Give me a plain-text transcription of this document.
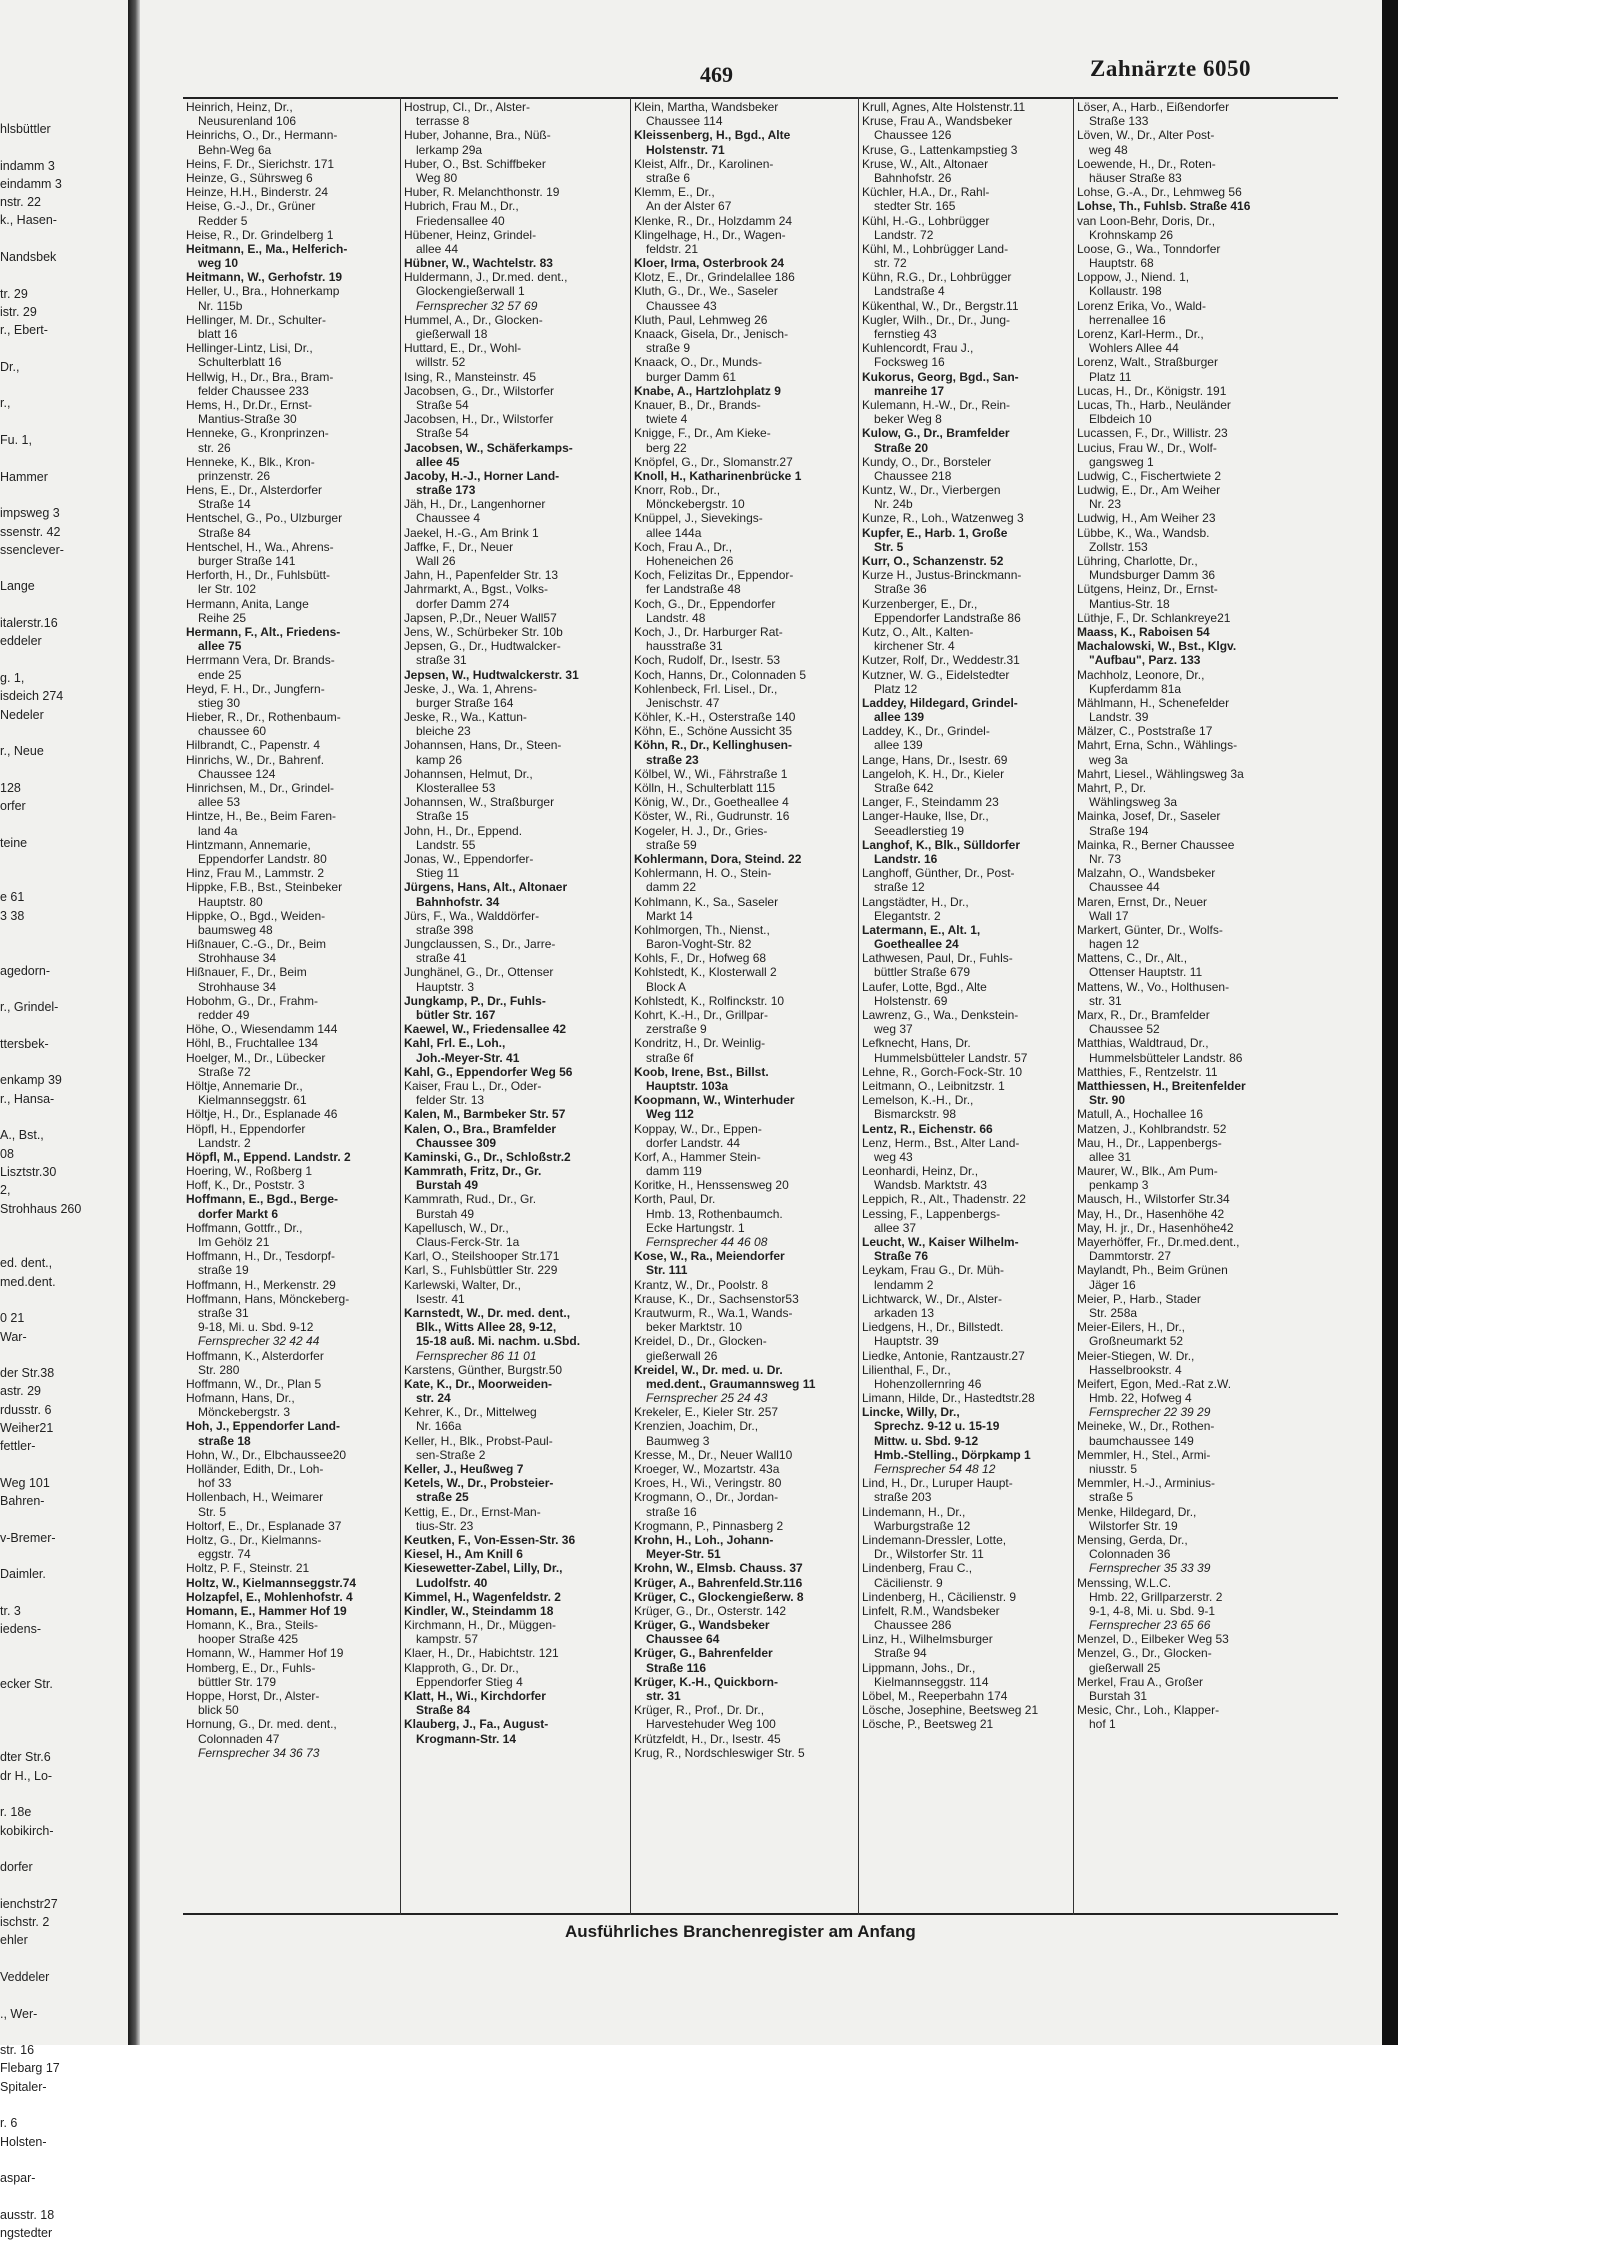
hlsbüttler
indamm 3
eindamm 3
nstr. 22
k., Hasen-
Nandsbek
tr. 29
istr. 29
r., Ebert-
Dr.,
r.,
Fu. 1,
Hammer
impsweg 3
ssenstr. 42
ssenclever-
Lange
italerstr.16
eddeler
g. 1,
isdeich 274
Nedeler
r., Neue
128
orfer
teine
e 61
3 38
agedorn-
r., Grindel-
ttersbek-
enkamp 39
r., Hansa-
A., Bst.,
08
Lisztstr.30
2,
Strohhaus 260
ed. dent.,
med.dent.
0 21
War-
der Str.38
astr. 29
rdusstr. 6
Weiher21
fettler-
Weg 101
Bahren-
v-Bremer-
Daimler.
tr. 3
iedens-
ecker Str.
dter Str.6
dr H., Lo-
r. 18e
kobikirch-
dorfer
ienchstr27
ischstr. 2
ehler
Veddeler
., Wer-
str. 16
Flebarg 17
Spitaler-
r. 6
Holsten-
aspar-
ausstr. 18
ngstedter
469	Zahnärzte 6050
Heinrich, Heinz, Dr.,
Neusurenland 106
Heinrichs, O., Dr., Hermann-
Behn-Weg 6a
Heins, F. Dr., Sierichstr. 171
Heinze, G., Sührsweg 6
Heinze, H.H., Binderstr. 24
Heise, G.-J., Dr., Grüner
Redder 5
Heise, R., Dr. Grindelberg 1
Heitmann, E., Ma., Helferich-
weg 10
Heitmann, W., Gerhofstr. 19
Heller, U., Bra., Hohnerkamp
Nr. 115b
Hellinger, M. Dr., Schulter-
blatt 16
Hellinger-Lintz, Lisi, Dr.,
Schulterblatt 16
Hellwig, H., Dr., Bra., Bram-
felder Chaussee 233
Hems, H., Dr.Dr., Ernst-
Mantius-Straße 30
Henneke, G., Kronprinzen-
str. 26
Henneke, K., Blk., Kron-
prinzenstr. 26
Hens, E., Dr., Alsterdorfer
Straße 14
Hentschel, G., Po., Ulzburger
Straße 84
Hentschel, H., Wa., Ahrens-
burger Straße 141
Herforth, H., Dr., Fuhlsbütt-
ler Str. 102
Hermann, Anita, Lange
Reihe 25
Hermann, F., Alt., Friedens-
allee 75
Herrmann Vera, Dr. Brands-
ende 25
Heyd, F. H., Dr., Jungfern-
stieg 30
Hieber, R., Dr., Rothenbaum-
chaussee 60
Hilbrandt, C., Papenstr. 4
Hinrichs, W., Dr., Bahrenf.
Chaussee 124
Hinrichsen, M., Dr., Grindel-
allee 53
Hintze, H., Be., Beim Faren-
land 4a
Hintzmann, Annemarie,
Eppendorfer Landstr. 80
Hinz, Frau M., Lammstr. 2
Hippke, F.B., Bst., Steinbeker
Hauptstr. 80
Hippke, O., Bgd., Weiden-
baumsweg 48
Hißnauer, C.-G., Dr., Beim
Strohhause 34
Hißnauer, F., Dr., Beim
Strohhause 34
Hobohm, G., Dr., Frahm-
redder 49
Höhe, O., Wiesendamm 144
Höhl, B., Fruchtallee 134
Hoelger, M., Dr., Lübecker
Straße 72
Höltje, Annemarie Dr.,
Kielmannseggstr. 61
Höltje, H., Dr., Esplanade 46
Höpfl, H., Eppendorfer
Landstr. 2
Höpfl, M., Eppend. Landstr. 2
Hoering, W., Roßberg 1
Hoff, K., Dr., Poststr. 3
Hoffmann, E., Bgd., Berge-
dorfer Markt 6
Hoffmann, Gottfr., Dr.,
Im Gehölz 21
Hoffmann, H., Dr., Tesdorpf-
straße 19
Hoffmann, H., Merkenstr. 29
Hoffmann, Hans, Mönckeberg-
straße 31
9-18, Mi. u. Sbd. 9-12
Fernsprecher 32 42 44
Hoffmann, K., Alsterdorfer
Str. 280
Hoffmann, W., Dr., Plan 5
Hofmann, Hans, Dr.,
Mönckebergstr. 3
Hoh, J., Eppendorfer Land-
straße 18
Hohn, W., Dr., Elbchaussee20
Holländer, Edith, Dr., Loh-
hof 33
Hollenbach, H., Weimarer
Str. 5
Holtorf, E., Dr., Esplanade 37
Holtz, G., Dr., Kielmanns-
eggstr. 74
Holtz, P. F., Steinstr. 21
Holtz, W., Kielmannseggstr.74
Holzapfel, E., Mohlenhofstr. 4
Homann, E., Hammer Hof 19
Homann, K., Bra., Steils-
hooper Straße 425
Homann, W., Hammer Hof 19
Homberg, E., Dr., Fuhls-
büttler Str. 179
Hoppe, Horst, Dr., Alster-
blick 50
Hornung, G., Dr. med. dent.,
Colonnaden 47
Fernsprecher 34 36 73
Hostrup, Cl., Dr., Alster-
terrasse 8
Huber, Johanne, Bra., Nüß-
lerkamp 29a
Huber, O., Bst. Schiffbeker
Weg 80
Huber, R. Melanchthonstr. 19
Hubrich, Frau M., Dr.,
Friedensallee 40
Hübener, Heinz, Grindel-
allee 44
Hübner, W., Wachtelstr. 83
Huldermann, J., Dr.med. dent.,
Glockengießerwall 1
Fernsprecher 32 57 69
Hummel, A., Dr., Glocken-
gießerwall 18
Huttard, E., Dr., Wohl-
willstr. 52
Ising, R., Mansteinstr. 45
Jacobsen, G., Dr., Wilstorfer
Straße 54
Jacobsen, H., Dr., Wilstorfer
Straße 54
Jacobsen, W., Schäferkamps-
allee 45
Jacoby, H.-J., Horner Land-
straße 173
Jäh, H., Dr., Langenhorner
Chaussee 4
Jaekel, H.-G., Am Brink 1
Jaffke, F., Dr., Neuer
Wall 26
Jahn, H., Papenfelder Str. 13
Jahrmarkt, A., Bgst., Volks-
dorfer Damm 274
Japsen, P.,Dr., Neuer Wall57
Jens, W., Schürbeker Str. 10b
Jepsen, G., Dr., Hudtwalcker-
straße 31
Jepsen, W., Hudtwalckerstr. 31
Jeske, J., Wa. 1, Ahrens-
burger Straße 164
Jeske, R., Wa., Kattun-
bleiche 23
Johannsen, Hans, Dr., Steen-
kamp 26
Johannsen, Helmut, Dr.,
Klosterallee 53
Johannsen, W., Straßburger
Straße 15
John, H., Dr., Eppend.
Landstr. 55
Jonas, W., Eppendorfer-
Stieg 11
Jürgens, Hans, Alt., Altonaer
Bahnhofstr. 34
Jürs, F., Wa., Walddörfer-
straße 398
Jungclaussen, S., Dr., Jarre-
straße 41
Junghänel, G., Dr., Ottenser
Hauptstr. 3
Jungkamp, P., Dr., Fuhls-
bütler Str. 167
Kaewel, W., Friedensallee 42
Kahl, Frl. E., Loh.,
Joh.-Meyer-Str. 41
Kahl, G., Eppendorfer Weg 56
Kaiser, Frau L., Dr., Oder-
felder Str. 13
Kalen, M., Barmbeker Str. 57
Kalen, O., Bra., Bramfelder
Chaussee 309
Kaminski, G., Dr., Schloßstr.2
Kammrath, Fritz, Dr., Gr.
Burstah 49
Kammrath, Rud., Dr., Gr.
Burstah 49
Kapellusch, W., Dr.,
Claus-Ferck-Str. 1a
Karl, O., Steilshooper Str.171
Karl, S., Fuhlsbüttler Str. 229
Karlewski, Walter, Dr.,
Isestr. 41
Karnstedt, W., Dr. med. dent.,
Blk., Witts Allee 28, 9-12,
15-18 auß. Mi. nachm. u.Sbd.
Fernsprecher 86 11 01
Karstens, Günther, Burgstr.50
Kate, K., Dr., Moorweiden-
str. 24
Kehrer, K., Dr., Mittelweg
Nr. 166a
Keller, H., Blk., Probst-Paul-
sen-Straße 2
Keller, J., Heußweg 7
Ketels, W., Dr., Probsteier-
straße 25
Kettig, E., Dr., Ernst-Man-
tius-Str. 23
Keutken, F., Von-Essen-Str. 36
Kiesel, H., Am Knill 6
Kiesewetter-Zabel, Lilly, Dr.,
Ludolfstr. 40
Kimmel, H., Wagenfeldstr. 2
Kindler, W., Steindamm 18
Kirchmann, H., Dr., Müggen-
kampstr. 57
Klaer, H., Dr., Habichtstr. 121
Klapproth, G., Dr. Dr.,
Eppendorfer Stieg 4
Klatt, H., Wi., Kirchdorfer
Straße 84
Klauberg, J., Fa., August-
Krogmann-Str. 14
Klein, Martha, Wandsbeker
Chaussee 114
Kleissenberg, H., Bgd., Alte
Holstenstr. 71
Kleist, Alfr., Dr., Karolinen-
straße 6
Klemm, E., Dr.,
An der Alster 67
Klenke, R., Dr., Holzdamm 24
Klingelhage, H., Dr., Wagen-
feldstr. 21
Kloer, Irma, Osterbrook 24
Klotz, E., Dr., Grindelallee 186
Kluth, G., Dr., We., Saseler
Chaussee 43
Kluth, Paul, Lehmweg 26
Knaack, Gisela, Dr., Jenisch-
straße 9
Knaack, O., Dr., Munds-
burger Damm 61
Knabe, A., Hartzlohplatz 9
Knauer, B., Dr., Brands-
twiete 4
Knigge, F., Dr., Am Kieke-
berg 22
Knöpfel, G., Dr., Slomanstr.27
Knoll, H., Katharinenbrücke 1
Knorr, Rob., Dr.,
Mönckebergstr. 10
Knüppel, J., Sievekings-
allee 144a
Koch, Frau A., Dr.,
Hoheneichen 26
Koch, Felizitas Dr., Eppendor-
fer Landstraße 48
Koch, G., Dr., Eppendorfer
Landstr. 48
Koch, J., Dr. Harburger Rat-
hausstraße 31
Koch, Rudolf, Dr., Isestr. 53
Koch, Hanns, Dr., Colonnaden 5
Kohlenbeck, Frl. Lisel., Dr.,
Jenischstr. 47
Köhler, K.-H., Osterstraße 140
Köhn, E., Schöne Aussicht 35
Köhn, R., Dr., Kellinghusen-
straße 23
Kölbel, W., Wi., Fährstraße 1
Kölln, H., Schulterblatt 115
König, W., Dr., Goetheallee 4
Köster, W., Ri., Gudrunstr. 16
Kogeler, H. J., Dr., Gries-
straße 59
Kohlermann, Dora, Steind. 22
Kohlermann, H. O., Stein-
damm 22
Kohlmann, K., Sa., Saseler
Markt 14
Kohlmorgen, Th., Nienst.,
Baron-Voght-Str. 82
Kohls, F., Dr., Hofweg 68
Kohlstedt, K., Klosterwall 2
Block A
Kohlstedt, K., Rolfinckstr. 10
Kohrt, K.-H., Dr., Grillpar-
zerstraße 9
Kondritz, H., Dr. Weinlig-
straße 6f
Koob, Irene, Bst., Billst.
Hauptstr. 103a
Koopmann, W., Winterhuder
Weg 112
Koppay, W., Dr., Eppen-
dorfer Landstr. 44
Korf, A., Hammer Stein-
damm 119
Koritke, H., Henssensweg 20
Korth, Paul, Dr.
Hmb. 13, Rothenbaumch.
Ecke Hartungstr. 1
Fernsprecher 44 46 08
Kose, W., Ra., Meiendorfer
Str. 111
Krantz, W., Dr., Poolstr. 8
Krause, K., Dr., Sachsenstor53
Krautwurm, R., Wa.1, Wands-
beker Marktstr. 10
Kreidel, D., Dr., Glocken-
gießerwall 26
Kreidel, W., Dr. med. u. Dr.
med.dent., Graumannsweg 11
Fernsprecher 25 24 43
Krekeler, E., Kieler Str. 257
Krenzien, Joachim, Dr.,
Baumweg 3
Kresse, M., Dr., Neuer Wall10
Kroeger, W., Mozartstr. 43a
Kroes, H., Wi., Veringstr. 80
Krogmann, O., Dr., Jordan-
straße 16
Krogmann, P., Pinnasberg 2
Krohn, H., Loh., Johann-
Meyer-Str. 51
Krohn, W., Elmsb. Chauss. 37
Krüger, A., Bahrenfeld.Str.116
Krüger, C., Glockengießerw. 8
Krüger, G., Dr., Osterstr. 142
Krüger, G., Wandsbeker
Chaussee 64
Krüger, G., Bahrenfelder
Straße 116
Krüger, K.-H., Quickborn-
str. 31
Krüger, R., Prof., Dr. Dr.,
Harvestehuder Weg 100
Krützfeldt, H., Dr., Isestr. 45
Krug, R., Nordschleswiger Str. 5
Krull, Agnes, Alte Holstenstr.11
Kruse, Frau A., Wandsbeker
Chaussee 126
Kruse, G., Lattenkampstieg 3
Kruse, W., Alt., Altonaer
Bahnhofstr. 26
Küchler, H.A., Dr., Rahl-
stedter Str. 165
Kühl, H.-G., Lohbrügger
Landstr. 72
Kühl, M., Lohbrügger Land-
str. 72
Kühn, R.G., Dr., Lohbrügger
Landstraße 4
Kükenthal, W., Dr., Bergstr.11
Kugler, Wilh., Dr., Dr., Jung-
fernstieg 43
Kuhlencordt, Frau J.,
Focksweg 16
Kukorus, Georg, Bgd., San-
manreihe 17
Kulemann, H.-W., Dr., Rein-
beker Weg 8
Kulow, G., Dr., Bramfelder
Straße 20
Kundy, O., Dr., Borsteler
Chaussee 218
Kuntz, W., Dr., Vierbergen
Nr. 24b
Kunze, R., Loh., Watzenweg 3
Kupfer, E., Harb. 1, Große
Str. 5
Kurr, O., Schanzenstr. 52
Kurze H., Justus-Brinckmann-
Straße 36
Kurzenberger, E., Dr.,
Eppendorfer Landstraße 86
Kutz, O., Alt., Kalten-
kirchener Str. 4
Kutzer, Rolf, Dr., Weddestr.31
Kutzner, W. G., Eidelstedter
Platz 12
Laddey, Hildegard, Grindel-
allee 139
Laddey, K., Dr., Grindel-
allee 139
Lange, Hans, Dr., Isestr. 69
Langeloh, K. H., Dr., Kieler
Straße 642
Langer, F., Steindamm 23
Langer-Hauke, Ilse, Dr.,
Seeadlerstieg 19
Langhof, K., Blk., Sülldorfer
Landstr. 16
Langhoff, Günther, Dr., Post-
straße 12
Langstädter, H., Dr.,
Elegantstr. 2
Latermann, E., Alt. 1,
Goetheallee 24
Lathwesen, Paul, Dr., Fuhls-
büttler Straße 679
Laufer, Lotte, Bgd., Alte
Holstenstr. 69
Lawrenz, G., Wa., Denkstein-
weg 37
Lefknecht, Hans, Dr.
Hummelsbütteler Landstr. 57
Lehne, R., Gorch-Fock-Str. 10
Leitmann, O., Leibnitzstr. 1
Lemelson, K.-H., Dr.,
Bismarckstr. 98
Lentz, R., Eichenstr. 66
Lenz, Herm., Bst., Alter Land-
weg 43
Leonhardi, Heinz, Dr.,
Wandsb. Marktstr. 43
Leppich, R., Alt., Thadenstr. 22
Lessing, F., Lappenbergs-
allee 37
Leucht, W., Kaiser Wilhelm-
Straße 76
Leykam, Frau G., Dr. Müh-
lendamm 2
Lichtwarck, W., Dr., Alster-
arkaden 13
Liedgens, H., Dr., Billstedt.
Hauptstr. 39
Liedke, Antonie, Rantzaustr.27
Lilienthal, F., Dr.,
Hohenzollernring 46
Limann, Hilde, Dr., Hastedtstr.28
Lincke, Willy, Dr.,
Sprechz. 9-12 u. 15-19
Mittw. u. Sbd. 9-12
Hmb.-Stelling., Dörpkamp 1
Fernsprecher 54 48 12
Lind, H., Dr., Luruper Haupt-
straße 203
Lindemann, H., Dr.,
Warburgstraße 12
Lindemann-Dressler, Lotte,
Dr., Wilstorfer Str. 11
Lindenberg, Frau C.,
Cäcilienstr. 9
Lindenberg, H., Cäcilienstr. 9
Linfelt, R.M., Wandsbeker
Chaussee 286
Linz, H., Wilhelmsburger
Straße 94
Lippmann, Johs., Dr.,
Kielmannseggstr. 114
Löbel, M., Reeperbahn 174
Lösche, Josephine, Beetsweg 21
Lösche, P., Beetsweg 21
Löser, A., Harb., Eißendorfer
Straße 133
Löven, W., Dr., Alter Post-
weg 48
Loewende, H., Dr., Roten-
häuser Straße 83
Lohse, G.-A., Dr., Lehmweg 56
Lohse, Th., Fuhlsb. Straße 416
van Loon-Behr, Doris, Dr.,
Krohnskamp 26
Loose, G., Wa., Tonndorfer
Hauptstr. 68
Loppow, J., Niend. 1,
Kollaustr. 198
Lorenz Erika, Vo., Wald-
herrenallee 16
Lorenz, Karl-Herm., Dr.,
Wohlers Allee 44
Lorenz, Walt., Straßburger
Platz 11
Lucas, H., Dr., Königstr. 191
Lucas, Th., Harb., Neuländer
Elbdeich 10
Lucassen, F., Dr., Willistr. 23
Lucius, Frau W., Dr., Wolf-
gangsweg 1
Ludwig, C., Fischertwiete 2
Ludwig, E., Dr., Am Weiher
Nr. 23
Ludwig, H., Am Weiher 23
Lübbe, K., Wa., Wandsb.
Zollstr. 153
Lühring, Charlotte, Dr.,
Mundsburger Damm 36
Lütgens, Heinz, Dr., Ernst-
Mantius-Str. 18
Lüthje, F., Dr. Schlankreye21
Maass, K., Raboisen 54
Machalowski, W., Bst., Klgv.
"Aufbau", Parz. 133
Machholz, Leonore, Dr.,
Kupferdamm 81a
Mählmann, H., Schenefelder
Landstr. 39
Mälzer, C., Poststraße 17
Mahrt, Erna, Schn., Wählings-
weg 3a
Mahrt, Liesel., Wählingsweg 3a
Mahrt, P., Dr.
Wählingsweg 3a
Mainka, Josef, Dr., Saseler
Straße 194
Mainka, R., Berner Chaussee
Nr. 73
Malzahn, O., Wandsbeker
Chaussee 44
Maren, Ernst, Dr., Neuer
Wall 17
Markert, Günter, Dr., Wolfs-
hagen 12
Mattens, C., Dr., Alt.,
Ottenser Hauptstr. 11
Mattens, W., Vo., Holthusen-
str. 31
Marx, R., Dr., Bramfelder
Chaussee 52
Matthias, Waldtraud, Dr.,
Hummelsbütteler Landstr. 86
Matthies, F., Rentzelstr. 11
Matthiessen, H., Breitenfelder
Str. 90
Matull, A., Hochallee 16
Matzen, J., Kohlbrandstr. 52
Mau, H., Dr., Lappenbergs-
allee 31
Maurer, W., Blk., Am Pum-
penkamp 3
Mausch, H., Wilstorfer Str.34
May, H., Dr., Hasenhöhe 42
May, H. jr., Dr., Hasenhöhe42
Mayerhöffer, Fr., Dr.med.dent.,
Dammtorstr. 27
Maylandt, Ph., Beim Grünen
Jäger 16
Meier, P., Harb., Stader
Str. 258a
Meier-Eilers, H., Dr.,
Großneumarkt 52
Meier-Stiegen, W. Dr.,
Hasselbrookstr. 4
Meifert, Egon, Med.-Rat z.W.
Hmb. 22, Hofweg 4
Fernsprecher 22 39 29
Meineke, W., Dr., Rothen-
baumchaussee 149
Memmler, H., Stel., Armi-
niusstr. 5
Memmler, H.-J., Arminius-
straße 5
Menke, Hildegard, Dr.,
Wilstorfer Str. 19
Mensing, Gerda, Dr.,
Colonnaden 36
Fernsprecher 35 33 39
Menssing, W.L.C.
Hmb. 22, Grillparzerstr. 2
9-1, 4-8, Mi. u. Sbd. 9-1
Fernsprecher 23 65 66
Menzel, D., Eilbeker Weg 53
Menzel, G., Dr., Glocken-
gießerwall 25
Merkel, Frau A., Großer
Burstah 31
Mesic, Chr., Loh., Klapper-
hof 1
Ausführliches Branchenregister am Anfang
